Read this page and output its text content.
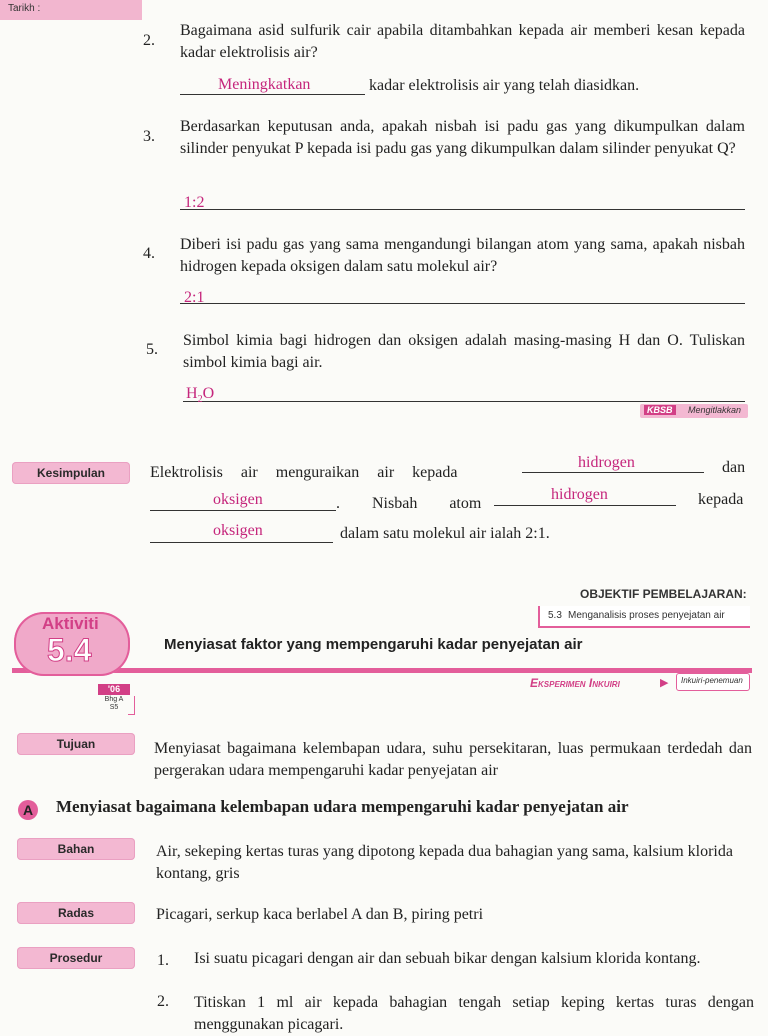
Tarikh :
2.
Bagaimana asid sulfurik cair apabila ditambahkan kepada air memberi kesan kepada kadar elektrolisis air?
Meningkatkan	kadar elektrolisis air yang telah diasidkan.
3.
Berdasarkan keputusan anda, apakah nisbah isi padu gas yang dikumpulkan dalam silinder penyukat P kepada isi padu gas yang dikumpulkan dalam silinder penyukat Q?
1:2
4.
Diberi isi padu gas yang sama mengandungi bilangan atom yang sama, apakah nisbah hidrogen kepada oksigen dalam satu molekul air?
2:1
5.
Simbol kimia bagi hidrogen dan oksigen adalah masing-masing H dan O. Tuliskan simbol kimia bagi air.
$H_2O$
KBSB	Mengitlakkan
Kesimpulan	Elektrolisis air menguraikan air kepada
hidrogen	dan
oksigen	. Nisbah atom
hidrogen	kepada
oksigen	dalam satu molekul air ialah 2:1.
OBJEKTIF PEMBELAJARAN:
5.3 Menganalisis proses penyejatan air
Aktiviti
5.4	Menyiasat faktor yang mempengaruhi kadar penyejatan air
Eksperimen Inkuiri	▶ Inkuiri-penemuan
'06
Bhg A
S5
Tujuan	Menyiasat bagaimana kelembapan udara, suhu persekitaran, luas permukaan terdedah dan pergerakan udara mempengaruhi kadar penyejatan air
A Menyiasat bagaimana kelembapan udara mempengaruhi kadar penyejatan air
Bahan	Air, sekeping kertas turas yang dipotong kepada dua bahagian yang sama, kalsium klorida kontang, gris
Radas	Picagari, serkup kaca berlabel A dan B, piring petri
Prosedur	1. Isi suatu picagari dengan air dan sebuah bikar dengan kalsium klorida kontang.
2. Titiskan 1 ml air kepada bahagian tengah setiap keping kertas turas dengan menggunakan picagari.
